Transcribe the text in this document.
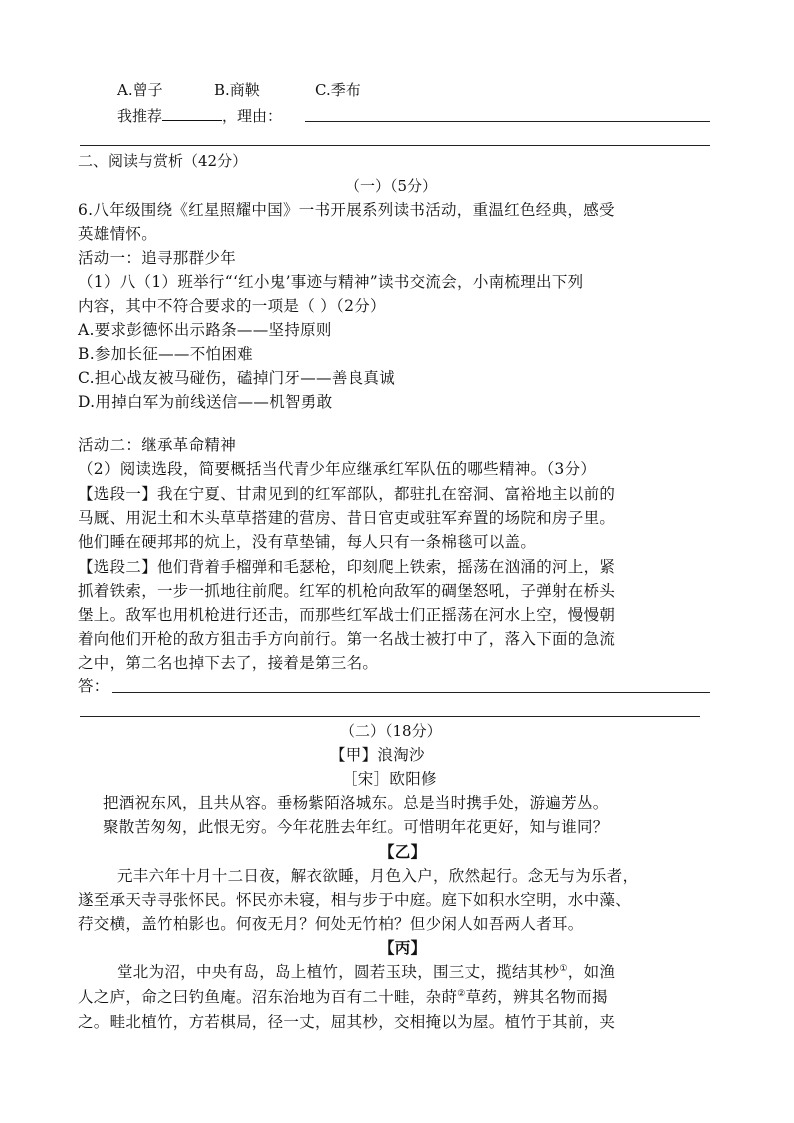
A.曾子	B.商鞅	C.季布
我推荐	，理由：
二、阅读与赏析（42分）
（一）（5分）
6.八年级围绕《红星照耀中国》一书开展系列读书活动，重温红色经典，感受
英雄情怀。
活动一：追寻那群少年
（1）八（1）班举行“‘红小鬼’事迹与精神”读书交流会，小南梳理出下列
内容，其中不符合要求的一项是（ ）（2分）
A.要求彭德怀出示路条——坚持原则
B.参加长征——不怕困难
C.担心战友被马碰伤，磕掉门牙——善良真诚
D.用掉白军为前线送信——机智勇敢
活动二：继承革命精神
（2）阅读选段，简要概括当代青少年应继承红军队伍的哪些精神。（3分）
【选段一】我在宁夏、甘肃见到的红军部队，都驻扎在窑洞、富裕地主以前的
马厩、用泥土和木头草草搭建的营房、昔日官吏或驻军弃置的场院和房子里。
他们睡在硬邦邦的炕上，没有草垫铺，每人只有一条棉毯可以盖。
【选段二】他们背着手榴弹和毛瑟枪，印刻爬上铁索，摇荡在汹涌的河上，紧
抓着铁索，一步一抓地往前爬。红军的机枪向敌军的碉堡怒吼，子弹射在桥头
堡上。敌军也用机枪进行还击，而那些红军战士们正摇荡在河水上空，慢慢朝
着向他们开枪的敌方狙击手方向前行。第一名战士被打中了，落入下面的急流
之中，第二名也掉下去了，接着是第三名。
答：
（二）（18分）
【甲】浪淘沙
［宋］欧阳修
把酒祝东风，且共从容。垂杨紫陌洛城东。总是当时携手处，游遍芳丛。
聚散苦匆匆，此恨无穷。今年花胜去年红。可惜明年花更好，知与谁同？
【乙】
元丰六年十月十二日夜，解衣欲睡，月色入户，欣然起行。念无与为乐者，
遂至承天寺寻张怀民。怀民亦未寝，相与步于中庭。庭下如积水空明，水中藻、
荇交横，盖竹柏影也。何夜无月？何处无竹柏？但少闲人如吾两人者耳。
【丙】
堂北为沼，中央有岛，岛上植竹，圆若玉玦，围三丈，揽结其杪①，如渔
人之庐，命之曰钓鱼庵。沼东治地为百有二十畦，杂莳②草药，辨其名物而揭
之。畦北植竹，方若棋局，径一丈，屈其杪，交相掩以为屋。植竹于其前，夹
